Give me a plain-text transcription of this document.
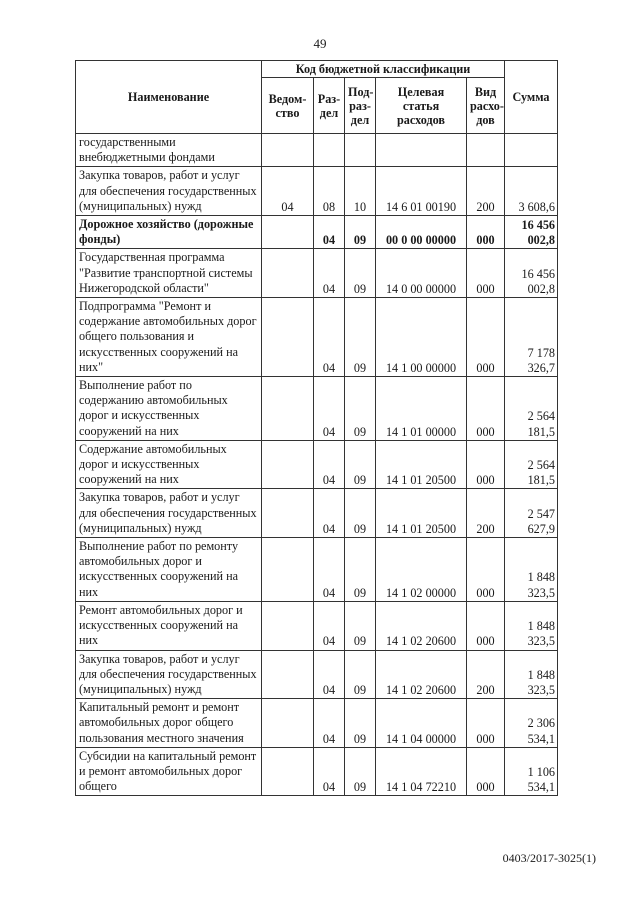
49
Наименование	Код бюджетной классификации					Сумма
	Ведом-ство	Раз-дел	Под-раз-дел	Целевая статья расходов	Вид расхо-дов	
государственными внебюджетными фондами						
Закупка товаров, работ и услуг для обеспечения государственных (муниципальных) нужд	04	08	10	14 6 01 00190	200	3 608,6
Дорожное хозяйство (дорожные фонды)		04	09	00 0 00 00000	000	16 456 002,8
Государственная программа "Развитие транспортной системы Нижегородской области"		04	09	14 0 00 00000	000	16 456 002,8
Подпрограмма "Ремонт и содержание автомобильных дорог общего пользования и искусственных сооружений на них"		04	09	14 1 00 00000	000	7 178 326,7
Выполнение работ по содержанию автомобильных дорог и искусственных сооружений на них		04	09	14 1 01 00000	000	2 564 181,5
Содержание автомобильных дорог и искусственных сооружений на них		04	09	14 1 01 20500	000	2 564 181,5
Закупка товаров, работ и услуг для обеспечения государственных (муниципальных) нужд		04	09	14 1 01 20500	200	2 547 627,9
Выполнение работ по ремонту автомобильных дорог и искусственных сооружений на них		04	09	14 1 02 00000	000	1 848 323,5
Ремонт автомобильных дорог и искусственных сооружений на них		04	09	14 1 02 20600	000	1 848 323,5
Закупка товаров, работ и услуг для обеспечения государственных (муниципальных) нужд		04	09	14 1 02 20600	200	1 848 323,5
Капитальный ремонт и ремонт автомобильных дорог общего пользования местного значения		04	09	14 1 04 00000	000	2 306 534,1
Субсидии на капитальный ремонт и ремонт автомобильных дорог общего		04	09	14 1 04 72210	000	1 106 534,1
0403/2017-3025(1)
